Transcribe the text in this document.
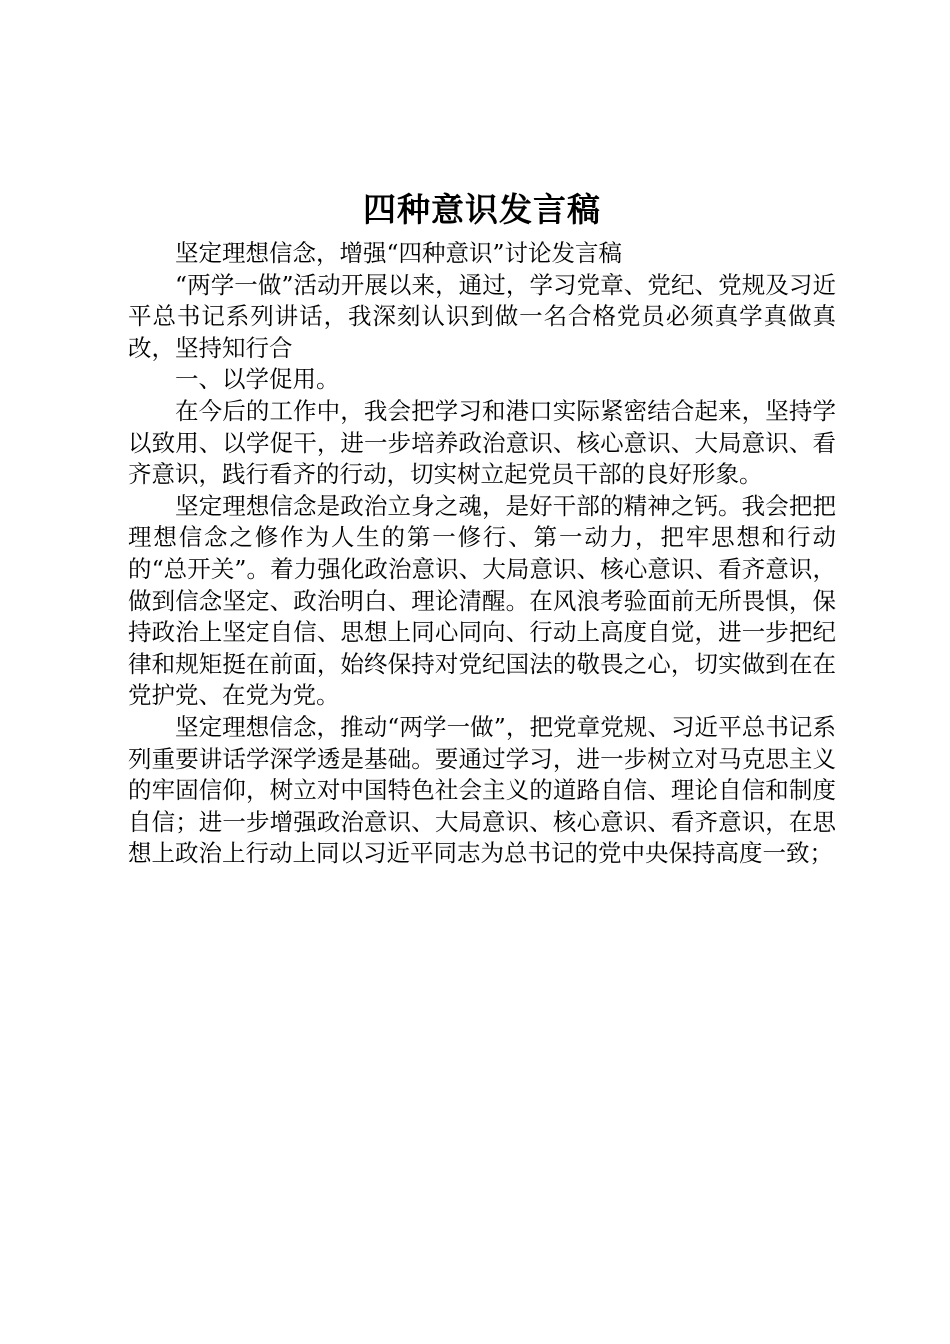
四种意识发言稿

坚定理想信念，增强“四种意识”讨论发言稿

“两学一做”活动开展以来，通过，学习党章、党纪、党规及习近平总书记系列讲话，我深刻认识到做一名合格党员必须真学真做真改，坚持知行合

一、以学促用。

在今后的工作中，我会把学习和港口实际紧密结合起来，坚持学以致用、以学促干，进一步培养政治意识、核心意识、大局意识、看齐意识，践行看齐的行动，切实树立起党员干部的良好形象。

坚定理想信念是政治立身之魂，是好干部的精神之钙。我会把把理想信念之修作为人生的第一修行、第一动力，把牢思想和行动的“总开关”。着力强化政治意识、大局意识、核心意识、看齐意识，做到信念坚定、政治明白、理论清醒。在风浪考验面前无所畏惧，保持政治上坚定自信、思想上同心同向、行动上高度自觉，进一步把纪律和规矩挺在前面，始终保持对党纪国法的敬畏之心，切实做到在在党护党、在党为党。

坚定理想信念，推动“两学一做”，把党章党规、习近平总书记系列重要讲话学深学透是基础。要通过学习，进一步树立对马克思主义的牢固信仰，树立对中国特色社会主义的道路自信、理论自信和制度自信；进一步增强政治意识、大局意识、核心意识、看齐意识，在思想上政治上行动上同以习近平同志为总书记的党中央保持高度一致；
